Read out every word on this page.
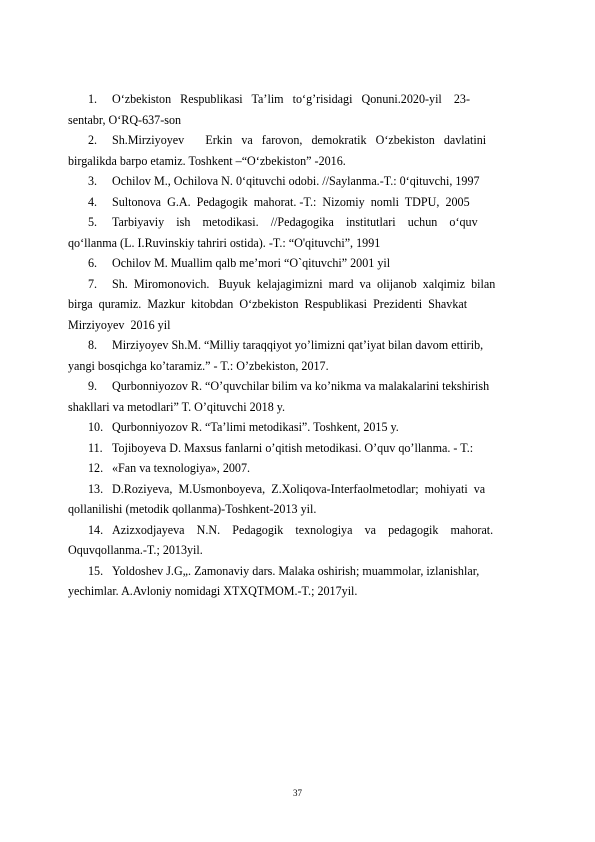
1. O‘zbekiston   Respublikasi   Ta’lim   to‘g’risidagi   Qonuni.2020-yil    23-
sentabr, O‘RQ-637-son
2. Sh.Mirziyoyev       Erkin   va   farovon,   demokratik   O‘zbekiston   davlatini
birgalikda barpo etamiz. Toshkent –“O‘zbekiston” -2016.
3. Ochilov M., Ochilova N. 0‘qituvchi odobi. //Saylanma.-T.: 0‘qituvchi, 1997
4. Sultonova  G.A.  Pedagogik  mahorat. -T.:  Nizomiy  nomli  TDPU,  2005
5. Tarbiyaviy    ish    metodikasi.    //Pedagogika    institutlari    uchun    o‘quv
qo‘llanma (L. I.Ruvinskiy tahriri ostida). -T.: “O'qituvchi”, 1991
6. Ochilov M. Muallim qalb me’mori “O`qituvchi” 2001 yil
7. Sh.  Miromonovich.   Buyuk  kelajagimizni  mard  va  olijanob  xalqimiz  bilan
birga  quramiz.  Mazkur  kitobdan  O‘zbekiston  Respublikasi  Prezidenti  Shavkat
Mirziyoyev  2016 yil
8. Mirziyoyev Sh.M. “Milliy taraqqiyot yo’limizni qat’iyat bilan davom ettirib,
yangi bosqichga ko’taramiz.” - T.: O’zbekiston, 2017.
9. Qurbonniyozov R. “O’quvchilar bilim va ko’nikma va malakalarini tekshirish
shakllari va metodlari” T. O’qituvchi 2018 y.
10. Qurbonniyozov R. “Ta’limi metodikasi”. Toshkent, 2015 y.
11. Tojiboyeva D. Maxsus fanlarni o’qitish metodikasi. O’quv qo’llanma. - T.:
12. «Fan va texnologiya», 2007.
13. D.Roziyeva,  M.Usmonboyeva,  Z.Xoliqova-Interfaolmetodlar;  mohiyati  va
qollanilishi (metodik qollanma)-Toshkent-2013 yil.
14. Azizxodjayeva    N.N.    Pedagogik    texnologiya    va    pedagogik    mahorat.
Oquvqollanma.-T.; 2013yil.
15. Yoldoshev J.G„. Zamonaviy dars. Malaka oshirish; muammolar, izlanishlar,
yechimlar. A.Avloniy nomidagi XTXQTMOM.-T.; 2017yil.
37
